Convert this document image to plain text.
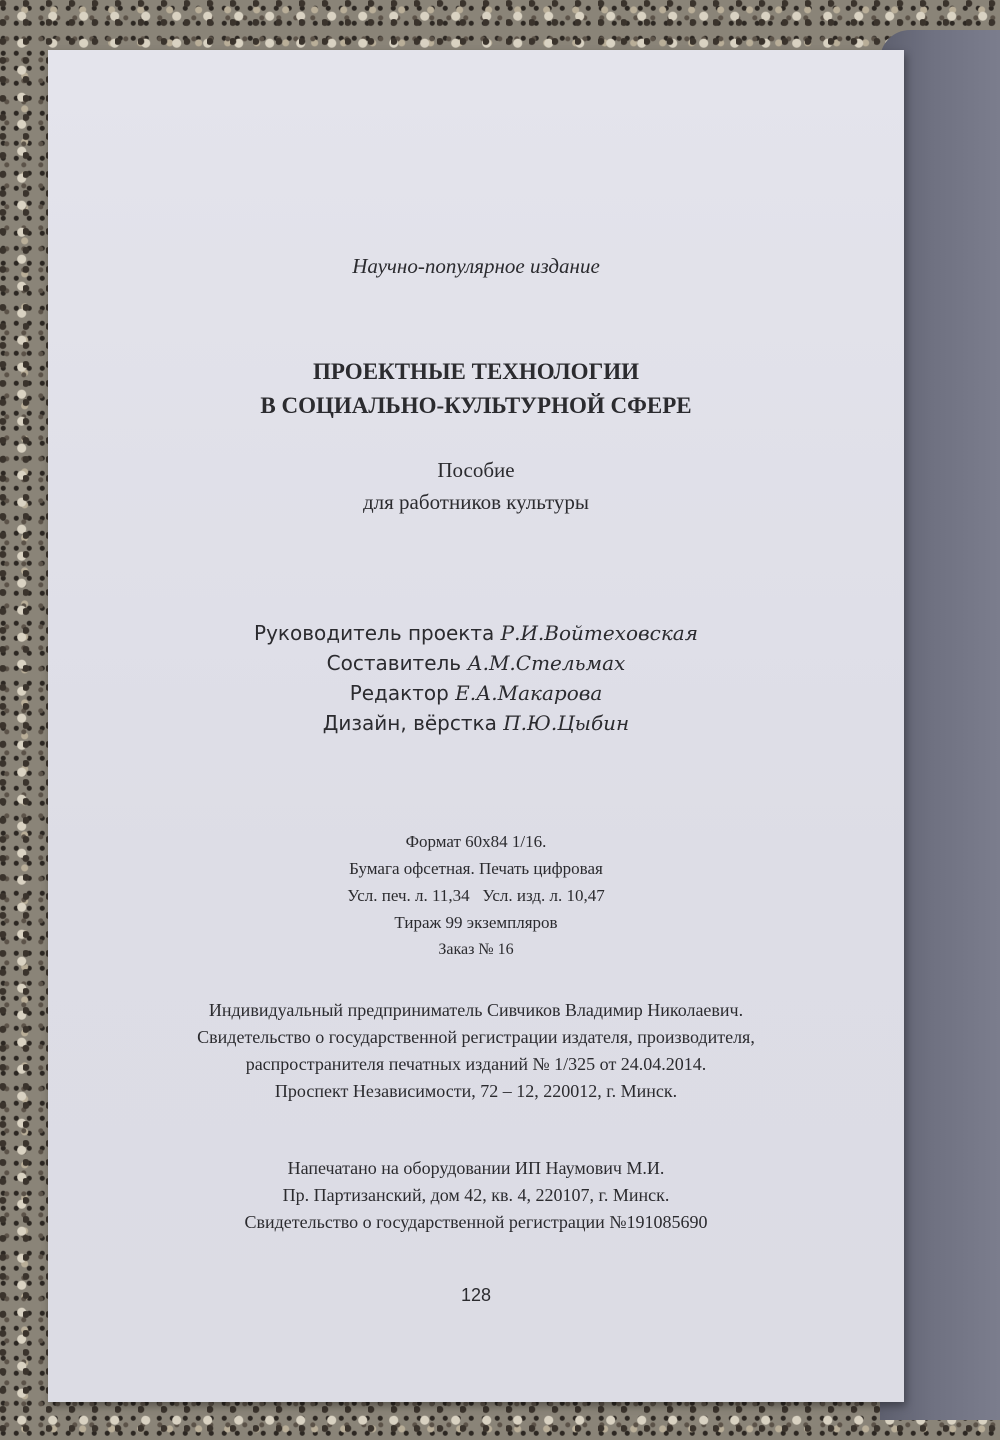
Научно-популярное издание
ПРОЕКТНЫЕ ТЕХНОЛОГИИ
В СОЦИАЛЬНО-КУЛЬТУРНОЙ СФЕРЕ
Пособие
для работников культуры
Руководитель проекта Р.И.Войтеховская
Составитель А.М.Стельмах
Редактор Е.А.Макарова
Дизайн, вёрстка П.Ю.Цыбин
Формат 60х84 1/16.
Бумага офсетная. Печать цифровая
Усл. печ. л. 11,34   Усл. изд. л. 10,47
Тираж 99 экземпляров
Заказ № 16
Индивидуальный предприниматель Сивчиков Владимир Николаевич.
Свидетельство о государственной регистрации издателя, производителя,
распространителя печатных изданий № 1/325 от 24.04.2014.
Проспект Независимости, 72 – 12, 220012, г. Минск.
Напечатано на оборудовании ИП Наумович М.И.
Пр. Партизанский, дом 42, кв. 4, 220107, г. Минск.
Свидетельство о государственной регистрации №191085690
128
